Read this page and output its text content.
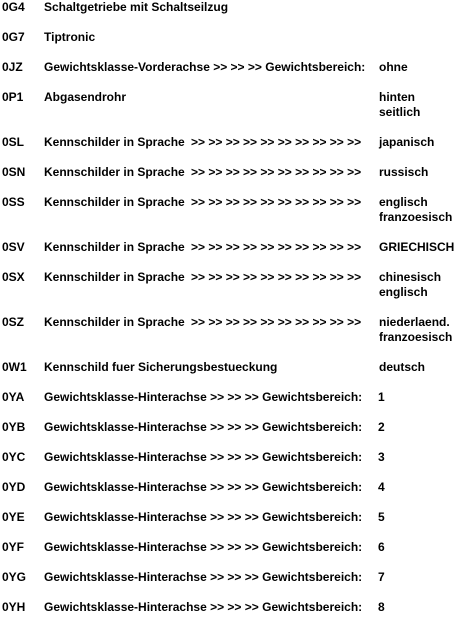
0G4 Schaltgetriebe mit Schaltseilzug
0G7 Tiptronic
0JZ Gewichtsklasse-Vorderachse >> >> >> Gewichtsbereich: ohne
0P1 Abgasendrohr	hinten
seitlich
0SL Kennschilder in Sprache >> >> >> >> >> >> >> >> >> >> japanisch
0SN Kennschilder in Sprache >> >> >> >> >> >> >> >> >> >> russisch
0SS Kennschilder in Sprache >> >> >> >> >> >> >> >> >> >> englisch
franzoesisch
0SV Kennschilder in Sprache >> >> >> >> >> >> >> >> >> >> GRIECHISCH
0SX Kennschilder in Sprache >> >> >> >> >> >> >> >> >> >> chinesisch
englisch
0SZ Kennschilder in Sprache >> >> >> >> >> >> >> >> >> >> niederlaend.
franzoesisch
0W1 Kennschild fuer Sicherungsbestueckung	deutsch
0YA Gewichtsklasse-Hinterachse >> >> >> Gewichtsbereich: 1
0YB Gewichtsklasse-Hinterachse >> >> >> Gewichtsbereich: 2
0YC Gewichtsklasse-Hinterachse >> >> >> Gewichtsbereich: 3
0YD Gewichtsklasse-Hinterachse >> >> >> Gewichtsbereich: 4
0YE Gewichtsklasse-Hinterachse >> >> >> Gewichtsbereich: 5
0YF Gewichtsklasse-Hinterachse >> >> >> Gewichtsbereich: 6
0YG Gewichtsklasse-Hinterachse >> >> >> Gewichtsbereich: 7
0YH Gewichtsklasse-Hinterachse >> >> >> Gewichtsbereich: 8
